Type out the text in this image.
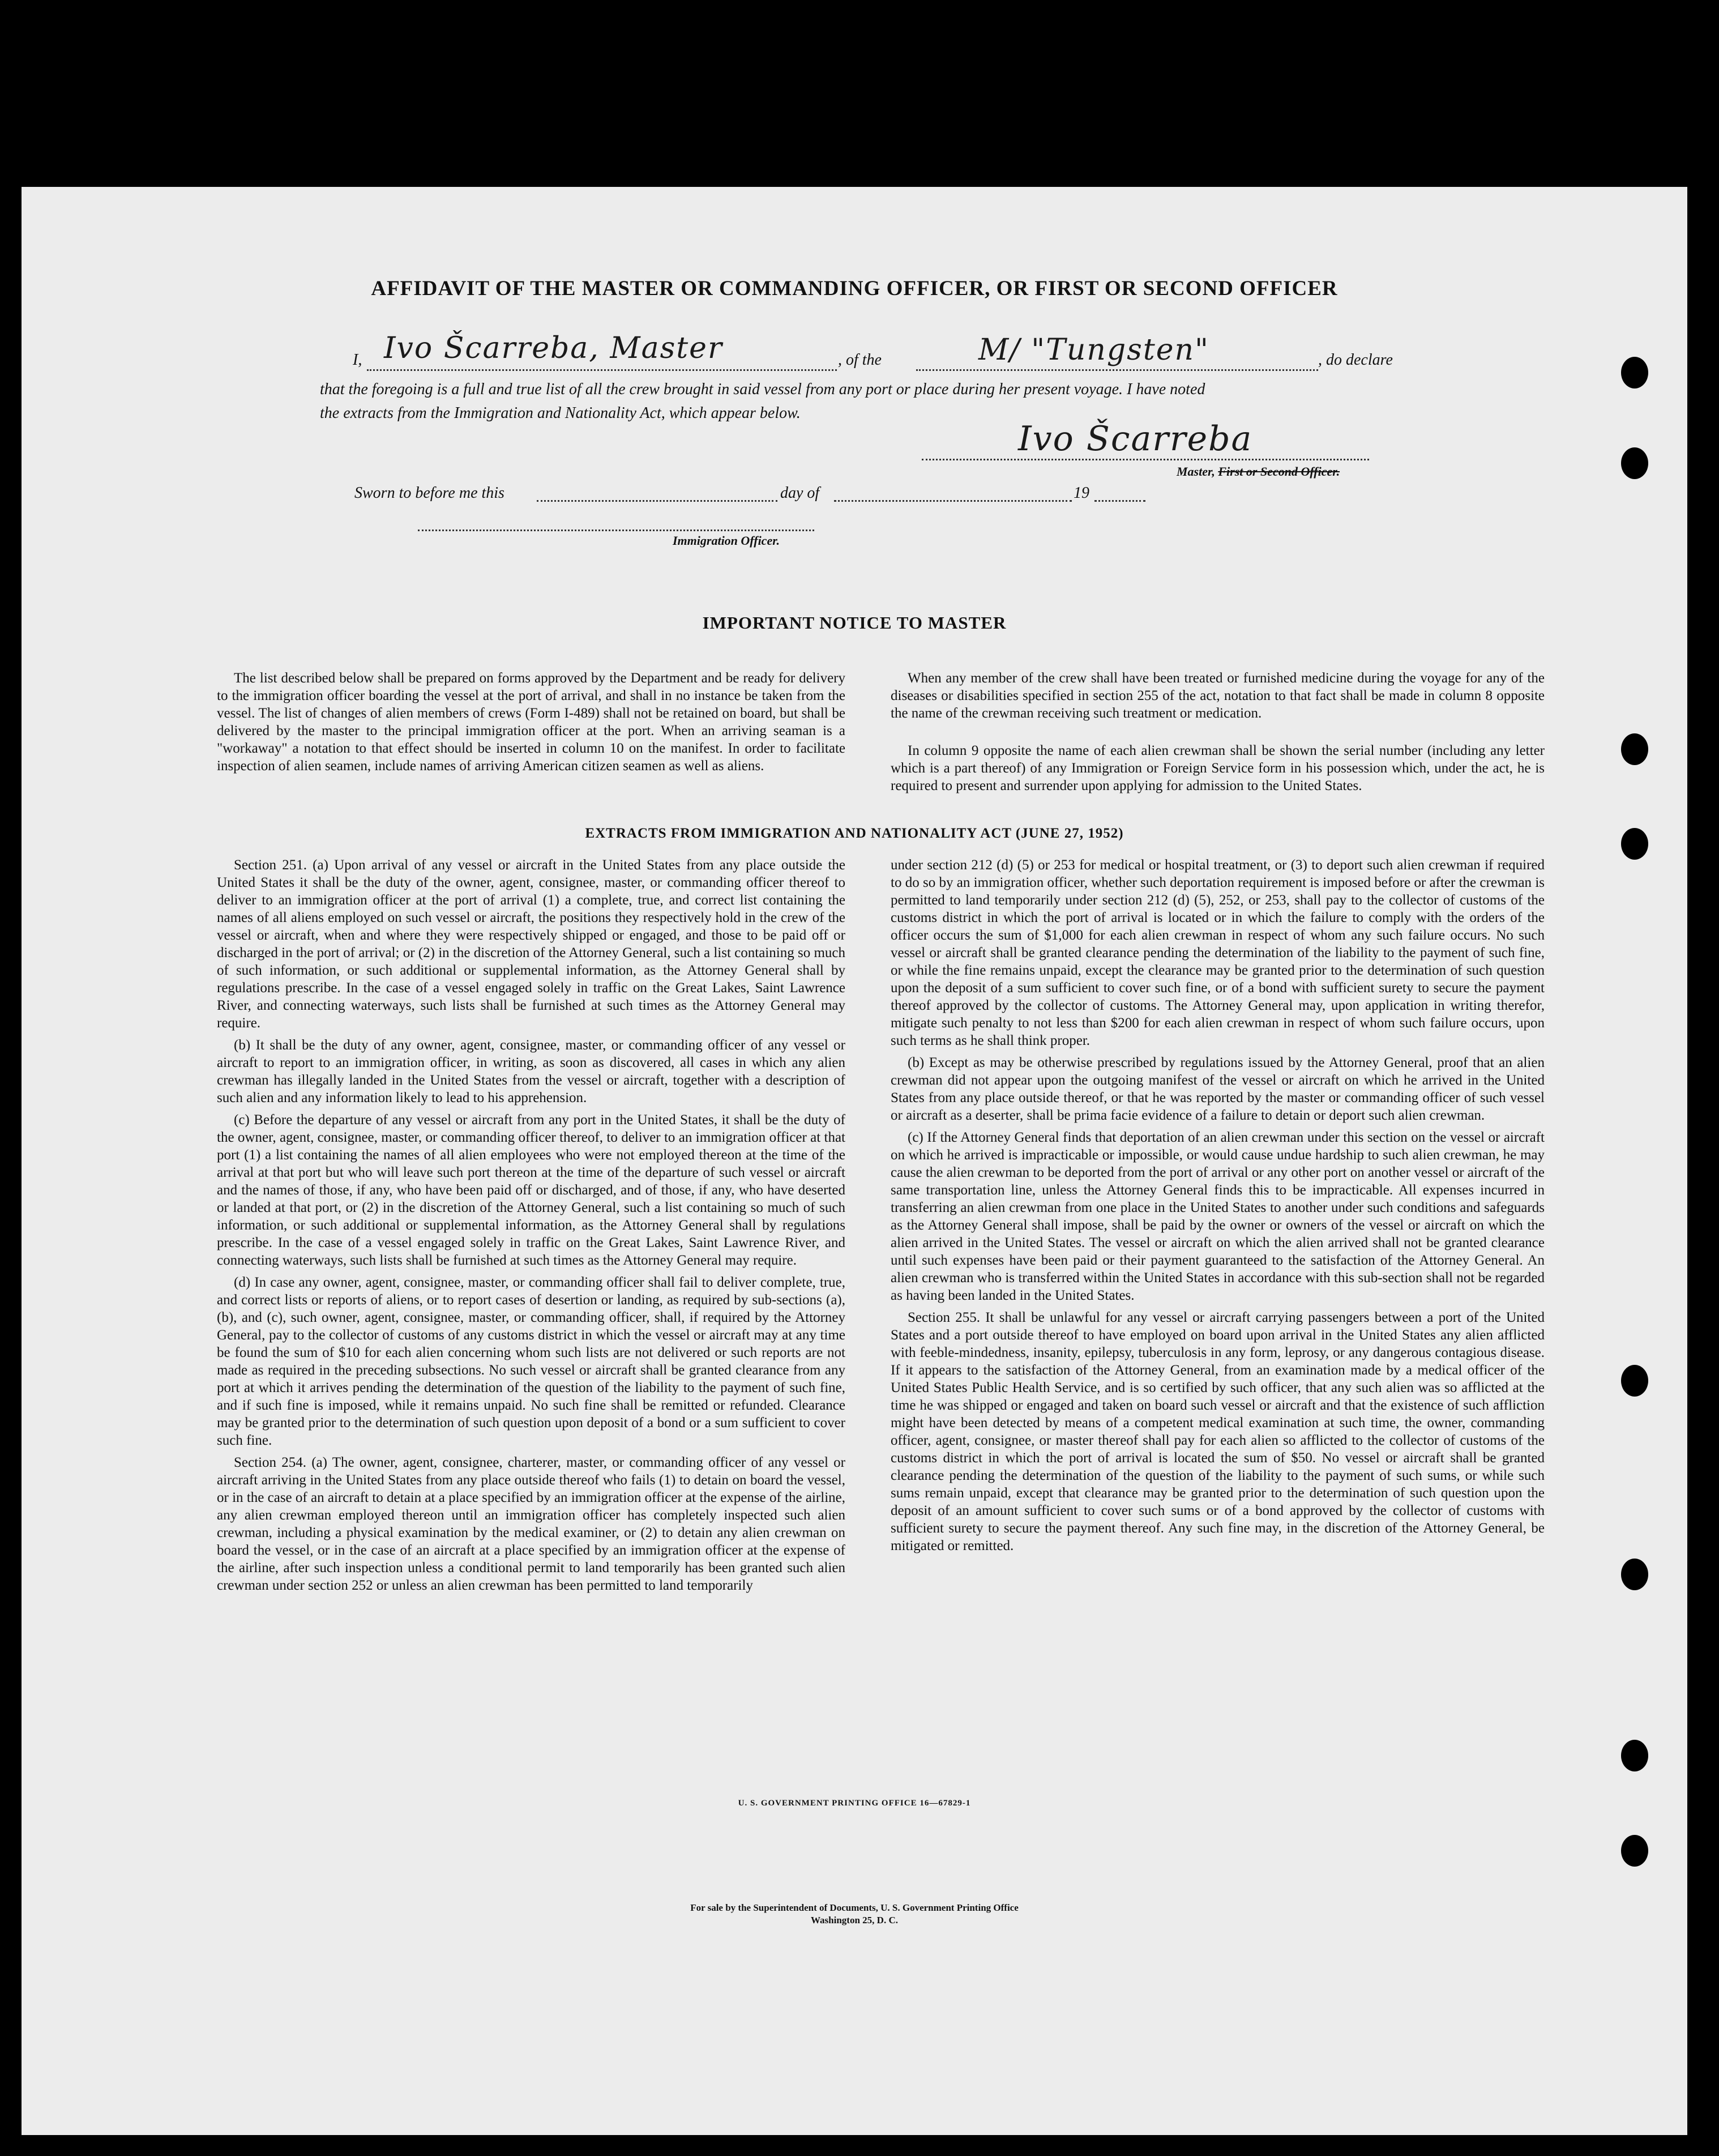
AFFIDAVIT OF THE MASTER OR COMMANDING OFFICER, OR FIRST OR SECOND OFFICER
I, Ivo Šcarreba, Master	, of the	M/ "Tungsten"	, do declare
that the foregoing is a full and true list of all the crew brought in said vessel from any port or place during her present voyage. I have noted
the extracts from the Immigration and Nationality Act, which appear below.
Ivo Šcarreba
Master, First or Second Officer.
Sworn to before me this	day of	19
Immigration Officer.
IMPORTANT NOTICE TO MASTER

The list described below shall be prepared on forms approved by the Department and be ready for delivery to the immigration officer boarding the vessel at the port of arrival, and shall in no instance be taken from the vessel. The list of changes of alien members of crews (Form I-489) shall not be retained on board, but shall be delivered by the master to the principal immigration officer at the port. When an arriving seaman is a "workaway" a notation to that effect should be inserted in column 10 on the manifest. In order to facilitate inspection of alien seamen, include names of arriving American citizen seamen as well as aliens.

When any member of the crew shall have been treated or furnished medicine during the voyage for any of the diseases or disabilities specified in section 255 of the act, notation to that fact shall be made in column 8 opposite the name of the crewman receiving such treatment or medication.

In column 9 opposite the name of each alien crewman shall be shown the serial number (including any letter which is a part thereof) of any Immigration or Foreign Service form in his possession which, under the act, he is required to present and surrender upon applying for admission to the United States.

EXTRACTS FROM IMMIGRATION AND NATIONALITY ACT (JUNE 27, 1952)

Section 251. (a) Upon arrival of any vessel or aircraft in the United States from any place outside the United States it shall be the duty of the owner, agent, consignee, master, or commanding officer thereof to deliver to an immigration officer at the port of arrival (1) a complete, true, and correct list containing the names of all aliens employed on such vessel or aircraft, the positions they respectively hold in the crew of the vessel or aircraft, when and where they were respectively shipped or engaged, and those to be paid off or discharged in the port of arrival; or (2) in the discretion of the Attorney General, such a list containing so much of such information, or such additional or supplemental information, as the Attorney General shall by regulations prescribe. In the case of a vessel engaged solely in traffic on the Great Lakes, Saint Lawrence River, and connecting waterways, such lists shall be furnished at such times as the Attorney General may require.

(b) It shall be the duty of any owner, agent, consignee, master, or commanding officer of any vessel or aircraft to report to an immigration officer, in writing, as soon as discovered, all cases in which any alien crewman has illegally landed in the United States from the vessel or aircraft, together with a description of such alien and any information likely to lead to his apprehension.

(c) Before the departure of any vessel or aircraft from any port in the United States, it shall be the duty of the owner, agent, consignee, master, or commanding officer thereof, to deliver to an immigration officer at that port (1) a list containing the names of all alien employees who were not employed thereon at the time of the arrival at that port but who will leave such port thereon at the time of the departure of such vessel or aircraft and the names of those, if any, who have been paid off or discharged, and of those, if any, who have deserted or landed at that port, or (2) in the discretion of the Attorney General, such a list containing so much of such information, or such additional or supplemental information, as the Attorney General shall by regulations prescribe. In the case of a vessel engaged solely in traffic on the Great Lakes, Saint Lawrence River, and connecting waterways, such lists shall be furnished at such times as the Attorney General may require.

(d) In case any owner, agent, consignee, master, or commanding officer shall fail to deliver complete, true, and correct lists or reports of aliens, or to report cases of desertion or landing, as required by sub-sections (a), (b), and (c), such owner, agent, consignee, master, or commanding officer, shall, if required by the Attorney General, pay to the collector of customs of any customs district in which the vessel or aircraft may at any time be found the sum of $10 for each alien concerning whom such lists are not delivered or such reports are not made as required in the preceding subsections. No such vessel or aircraft shall be granted clearance from any port at which it arrives pending the determination of the question of the liability to the payment of such fine, and if such fine is imposed, while it remains unpaid. No such fine shall be remitted or refunded. Clearance may be granted prior to the determination of such question upon deposit of a bond or a sum sufficient to cover such fine.

Section 254. (a) The owner, agent, consignee, charterer, master, or commanding officer of any vessel or aircraft arriving in the United States from any place outside thereof who fails (1) to detain on board the vessel, or in the case of an aircraft to detain at a place specified by an immigration officer at the expense of the airline, any alien crewman employed thereon until an immigration officer has completely inspected such alien crewman, including a physical examination by the medical examiner, or (2) to detain any alien crewman on board the vessel, or in the case of an aircraft at a place specified by an immigration officer at the expense of the airline, after such inspection unless a conditional permit to land temporarily has been granted such alien crewman under section 252 or unless an alien crewman has been permitted to land temporarily

under section 212 (d) (5) or 253 for medical or hospital treatment, or (3) to deport such alien crewman if required to do so by an immigration officer, whether such deportation requirement is imposed before or after the crewman is permitted to land temporarily under section 212 (d) (5), 252, or 253, shall pay to the collector of customs of the customs district in which the port of arrival is located or in which the failure to comply with the orders of the officer occurs the sum of $1,000 for each alien crewman in respect of whom any such failure occurs. No such vessel or aircraft shall be granted clearance pending the determination of the liability to the payment of such fine, or while the fine remains unpaid, except the clearance may be granted prior to the determination of such question upon the deposit of a sum sufficient to cover such fine, or of a bond with sufficient surety to secure the payment thereof approved by the collector of customs. The Attorney General may, upon application in writing therefor, mitigate such penalty to not less than $200 for each alien crewman in respect of whom such failure occurs, upon such terms as he shall think proper.

(b) Except as may be otherwise prescribed by regulations issued by the Attorney General, proof that an alien crewman did not appear upon the outgoing manifest of the vessel or aircraft on which he arrived in the United States from any place outside thereof, or that he was reported by the master or commanding officer of such vessel or aircraft as a deserter, shall be prima facie evidence of a failure to detain or deport such alien crewman.

(c) If the Attorney General finds that deportation of an alien crewman under this section on the vessel or aircraft on which he arrived is impracticable or impossible, or would cause undue hardship to such alien crewman, he may cause the alien crewman to be deported from the port of arrival or any other port on another vessel or aircraft of the same transportation line, unless the Attorney General finds this to be impracticable. All expenses incurred in transferring an alien crewman from one place in the United States to another under such conditions and safeguards as the Attorney General shall impose, shall be paid by the owner or owners of the vessel or aircraft on which the alien arrived in the United States. The vessel or aircraft on which the alien arrived shall not be granted clearance until such expenses have been paid or their payment guaranteed to the satisfaction of the Attorney General. An alien crewman who is transferred within the United States in accordance with this sub-section shall not be regarded as having been landed in the United States.

Section 255. It shall be unlawful for any vessel or aircraft carrying passengers between a port of the United States and a port outside thereof to have employed on board upon arrival in the United States any alien afflicted with feeble-mindedness, insanity, epilepsy, tuberculosis in any form, leprosy, or any dangerous contagious disease. If it appears to the satisfaction of the Attorney General, from an examination made by a medical officer of the United States Public Health Service, and is so certified by such officer, that any such alien was so afflicted at the time he was shipped or engaged and taken on board such vessel or aircraft and that the existence of such affliction might have been detected by means of a competent medical examination at such time, the owner, commanding officer, agent, consignee, or master thereof shall pay for each alien so afflicted to the collector of customs of the customs district in which the port of arrival is located the sum of $50. No vessel or aircraft shall be granted clearance pending the determination of the question of the liability to the payment of such sums, or while such sums remain unpaid, except that clearance may be granted prior to the determination of such question upon the deposit of an amount sufficient to cover such sums or of a bond approved by the collector of customs with sufficient surety to secure the payment thereof. Any such fine may, in the discretion of the Attorney General, be mitigated or remitted.

U. S. GOVERNMENT PRINTING OFFICE 16—67829-1
For sale by the Superintendent of Documents, U. S. Government Printing Office
Washington 25, D. C.
